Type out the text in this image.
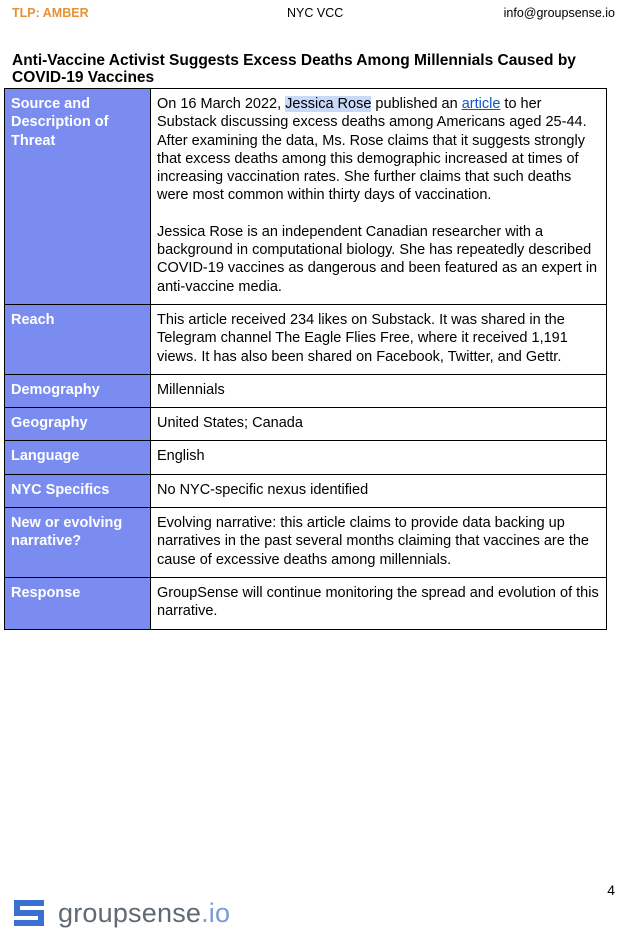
TLP: AMBER	NYC VCC	info@groupsense.io
Anti-Vaccine Activist Suggests Excess Deaths Among Millennials Caused by COVID-19 Vaccines
Source and Description of Threat	On 16 March 2022, Jessica Rose published an article to her Substack discussing excess deaths among Americans aged 25-44. After examining the data, Ms. Rose claims that it suggests strongly that excess deaths among this demographic increased at times of increasing vaccination rates. She further claims that such deaths were most common within thirty days of vaccination.
Jessica Rose is an independent Canadian researcher with a background in computational biology. She has repeatedly described COVID-19 vaccines as dangerous and been featured as an expert in anti-vaccine media.

Reach	This article received 234 likes on Substack. It was shared in the Telegram channel The Eagle Flies Free, where it received 1,191 views. It has also been shared on Facebook, Twitter, and Gettr.
Demography	Millennials
Geography	United States; Canada
Language	English
NYC Specifics	No NYC-specific nexus identified
New or evolving narrative?	Evolving narrative: this article claims to provide data backing up narratives in the past several months claiming that vaccines are the cause of excessive deaths among millennials.
Response	GroupSense will continue monitoring the spread and evolution of this narrative.
4
groupsense.io
